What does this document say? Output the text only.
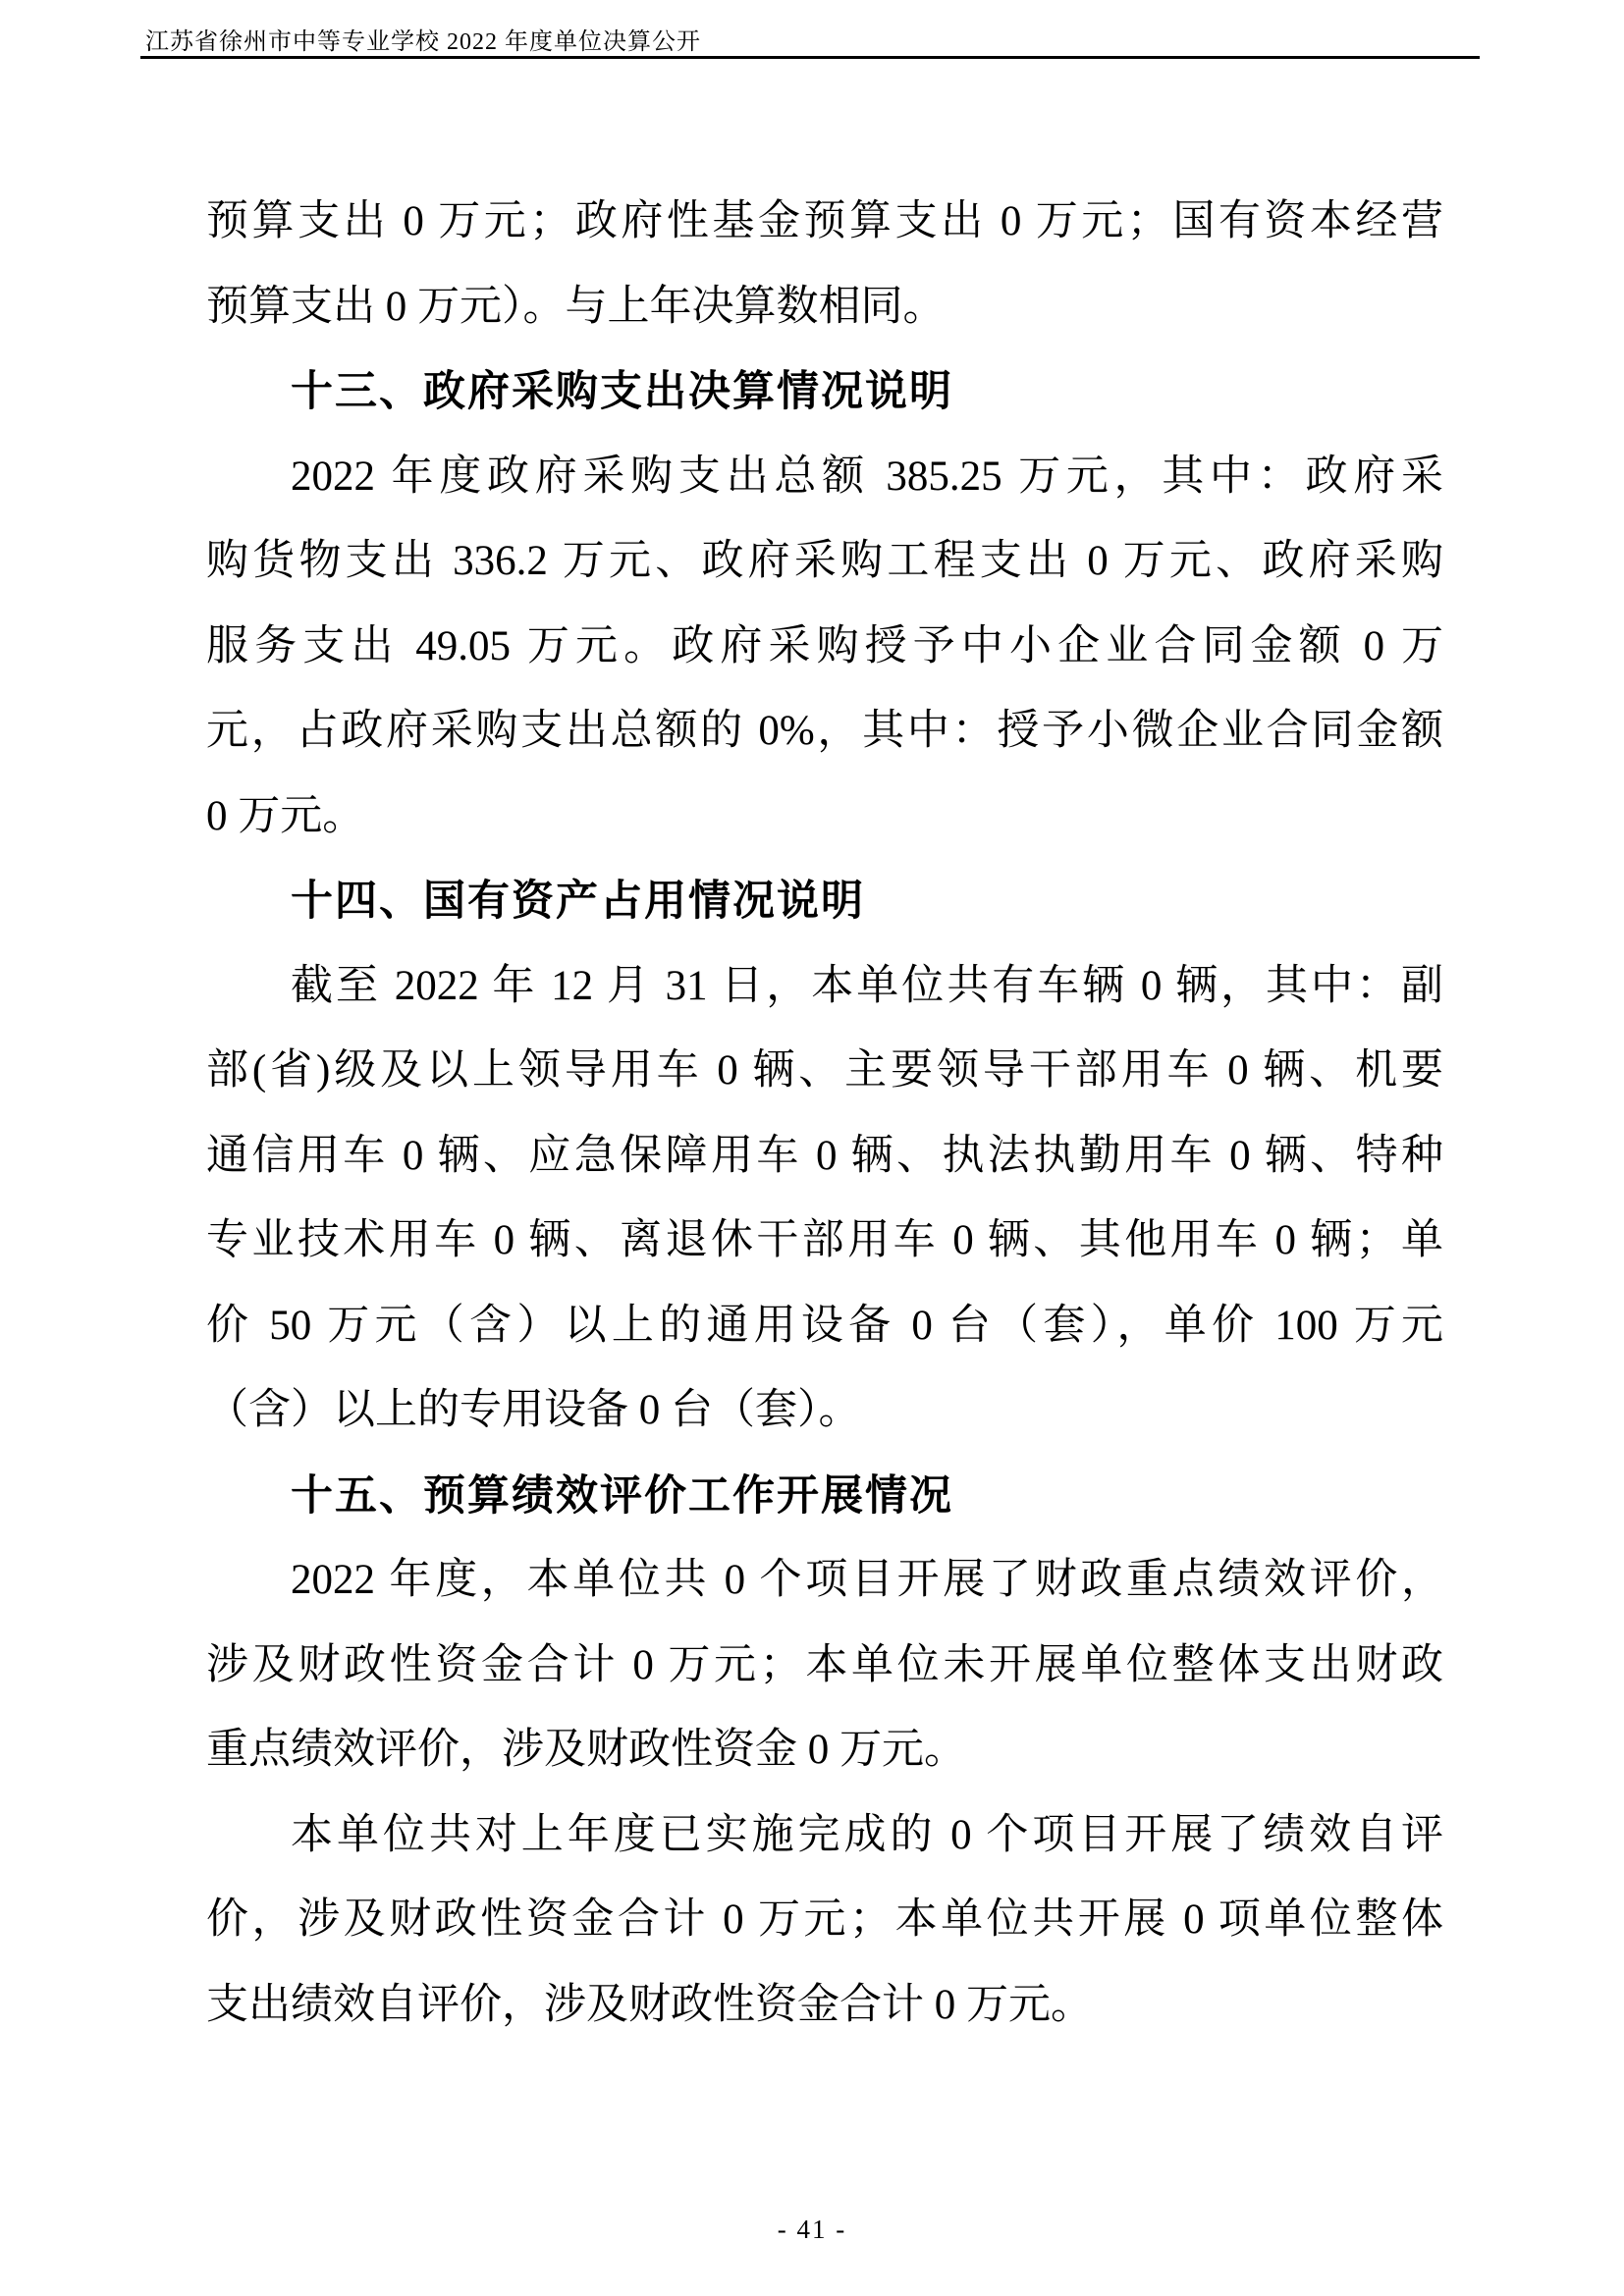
江苏省徐州市中等专业学校 2022 年度单位决算公开
预算支出 0 万元；政府性基金预算支出 0 万元；国有资本经营
预算支出 0 万元）。与上年决算数相同。
十三、政府采购支出决算情况说明
2022 年度政府采购支出总额 385.25 万元，其中：政府采
购货物支出 336.2 万元、政府采购工程支出 0 万元、政府采购
服务支出 49.05 万元。政府采购授予中小企业合同金额 0 万
元，占政府采购支出总额的 0%，其中：授予小微企业合同金额
0 万元。
十四、国有资产占用情况说明
截至 2022 年 12 月 31 日，本单位共有车辆 0 辆，其中：副
部(省)级及以上领导用车 0 辆、主要领导干部用车 0 辆、机要
通信用车 0 辆、应急保障用车 0 辆、执法执勤用车 0 辆、特种
专业技术用车 0 辆、离退休干部用车 0 辆、其他用车 0 辆；单
价 50 万元（含）以上的通用设备 0 台（套），单价 100 万元
（含）以上的专用设备 0 台（套）。
十五、预算绩效评价工作开展情况
2022 年度，本单位共 0 个项目开展了财政重点绩效评价，
涉及财政性资金合计 0 万元；本单位未开展单位整体支出财政
重点绩效评价，涉及财政性资金 0 万元。
本单位共对上年度已实施完成的 0 个项目开展了绩效自评
价，涉及财政性资金合计 0 万元；本单位共开展 0 项单位整体
支出绩效自评价，涉及财政性资金合计 0 万元。
- 41 -
